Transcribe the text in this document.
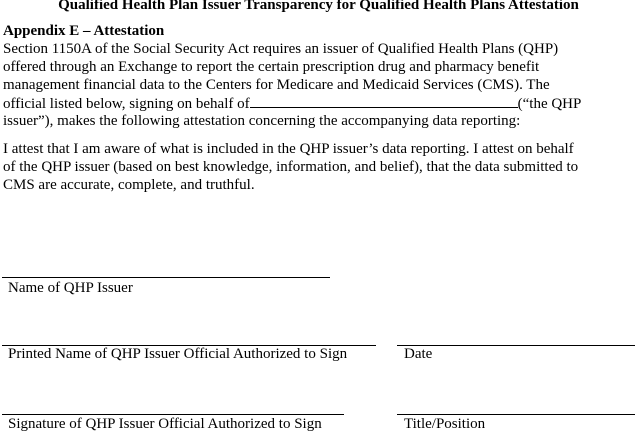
Qualified Health Plan Issuer Transparency for Qualified Health Plans Attestation
Appendix E – Attestation
Section 1150A of the Social Security Act requires an issuer of Qualified Health Plans (QHP)
offered through an Exchange to report the certain prescription drug and pharmacy benefit
management financial data to the Centers for Medicare and Medicaid Services (CMS). The
official listed below, signing on behalf of	(“the QHP
issuer”), makes the following attestation concerning the accompanying data reporting:
I attest that I am aware of what is included in the QHP issuer’s data reporting. I attest on behalf
of the QHP issuer (based on best knowledge, information, and belief), that the data submitted to
CMS are accurate, complete, and truthful.
Name of QHP Issuer
Printed Name of QHP Issuer Official Authorized to Sign	Date
Signature of QHP Issuer Official Authorized to Sign	Title/Position
